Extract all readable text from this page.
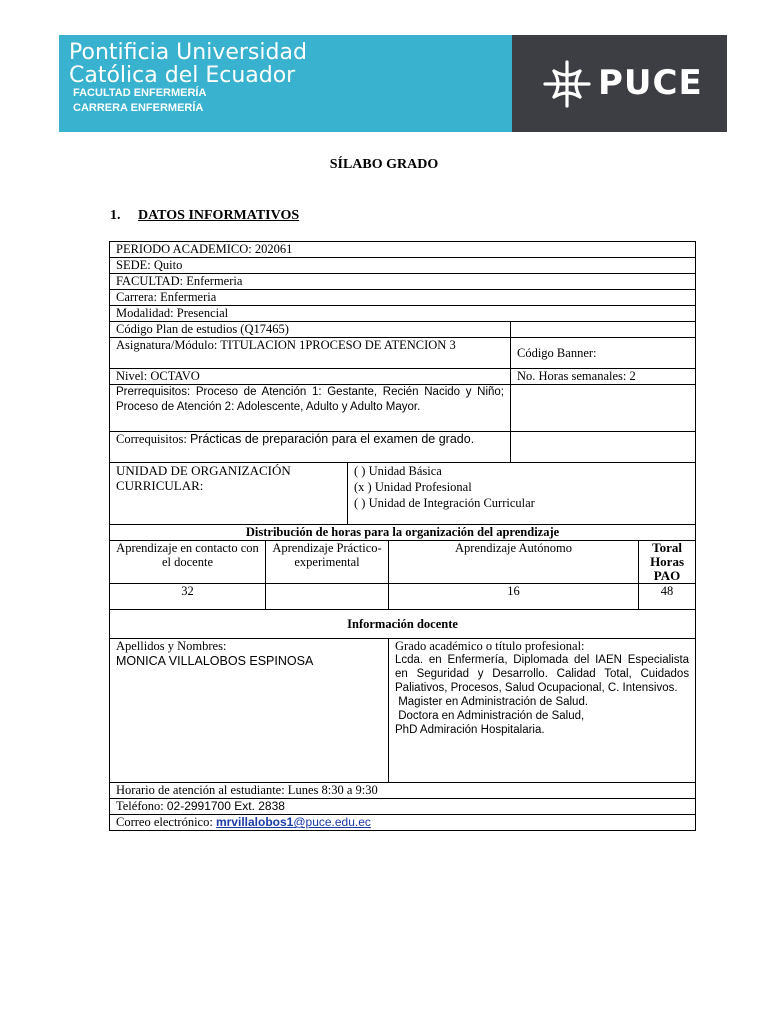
Pontificia Universidad
Católica del Ecuador
FACULTAD ENFERMERÍA
CARRERA ENFERMERÍA
PUCE
SÍLABO GRADO
1. DATOS INFORMATIVOS
PERIODO ACADEMICO: 202061					
SEDE: Quito					
FACULTAD: Enfermeria					
Carrera: Enfermeria					
Modalidad: Presencial					
Código Plan de estudios (Q17465)					
Asignatura/Módulo: TITULACION 1PROCESO DE ATENCION 3				Código Banner:	
Nivel: OCTAVO				No. Horas semanales: 2	
Prerrequisitos: Proceso de Atención 1: Gestante, Recién Nacido y Niño; Proceso de Atención 2: Adolescente, Adulto y Adulto Mayor.					
Correquisitos: Prácticas de preparación para el examen de grado.					
UNIDAD DE ORGANIZACIÓN CURRICULAR:		( ) Unidad Básica
(x ) Unidad Profesional
( ) Unidad de Integración Curricular			

Distribución de horas para la organización del aprendizaje					
Aprendizaje en contacto con el docente	Aprendizaje Práctico-experimental		Aprendizaje Autónomo		Toral Horas PAO
32			16		48
Información docente					

Apellidos y Nombres:
MONICA VILLALOBOS ESPINOSA			Grado académico o título profesional:
Lcda. en Enfermería, Diplomada del IAEN Especialista en Seguridad y Desarrollo. Calidad Total, Cuidados Paliativos, Procesos, Salud Ocupacional, C. Intensivos.
Magister en Administración de Salud.
Doctora en Administración de Salud,
PhD Admiración Hospitalaria.		

Horario de atención al estudiante: Lunes 8:30 a 9:30					
Teléfono: 02-2991700 Ext. 2838					
Correo electrónico: mrvillalobos1@puce.edu.ec					
